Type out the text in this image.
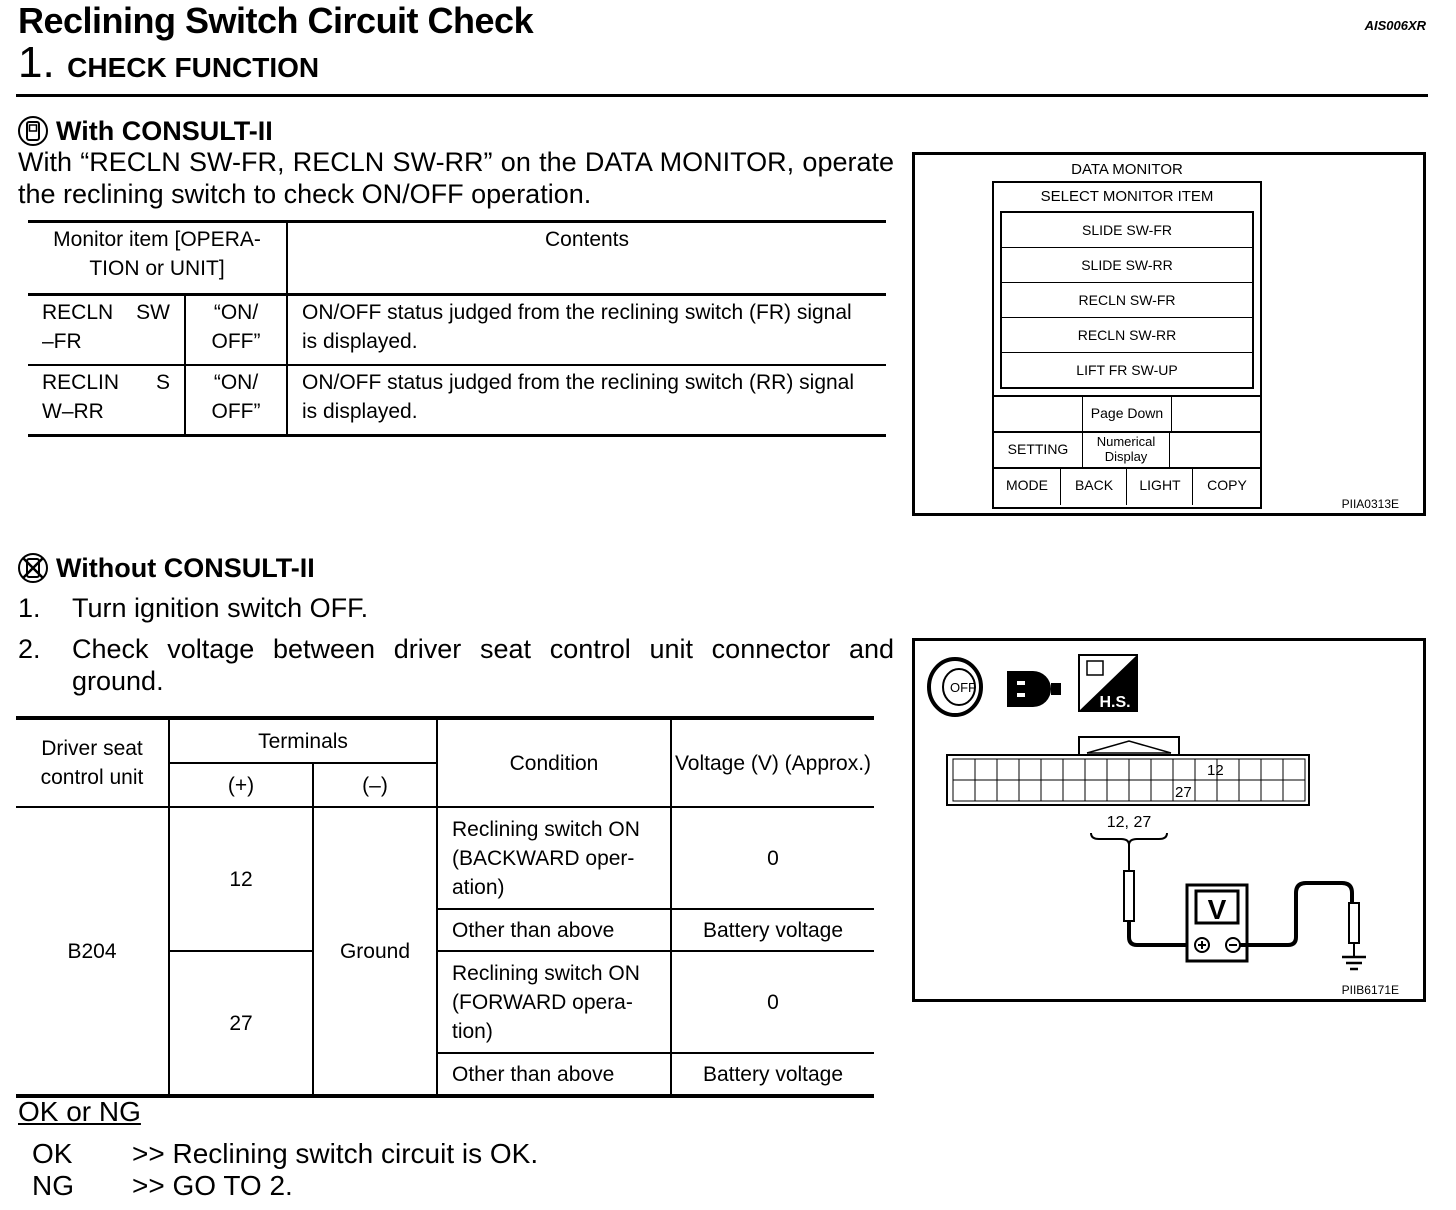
Reclining Switch Circuit Check	AIS006XR
1. CHECK FUNCTION
With CONSULT-II
With “RECLN SW-FR, RECLN SW-RR” on the DATA MONITOR, operate the reclining switch to check ON/OFF operation.
Monitor item [OPERA-TION or UNIT]		Contents
RECLN SW –FR	“ON/ OFF”	ON/OFF status judged from the reclining switch (FR) signal is displayed.
RECLIN S W–RR	“ON/ OFF”	ON/OFF status judged from the reclining switch (RR) signal is displayed.
DATA MONITOR
SELECT MONITOR ITEM
SLIDE SW-FR
SLIDE SW-RR
RECLN SW-FR
RECLN SW-RR
LIFT FR SW-UP
Page Down
SETTING	Numerical Display
MODE	BACK	LIGHT	COPY
PIIA0313E
Without CONSULT-II
1. Turn ignition switch OFF.
2.	Check voltage between driver seat control unit connector and ground.
Driver seat control unit	Terminals		Condition	Voltage (V) (Approx.)
	(+)	(–)		
B204	12	Ground	Reclining switch ON (BACKWARD oper-ation)	0
			Other than above	Battery voltage
	27		Reclining switch ON (FORWARD opera-tion)	0
			Other than above	Battery voltage
OFF
H.S.
12
27
12, 27
V
PIIB6171E
OK or NG
OK >> Reclining switch circuit is OK.
NG >> GO TO 2.
